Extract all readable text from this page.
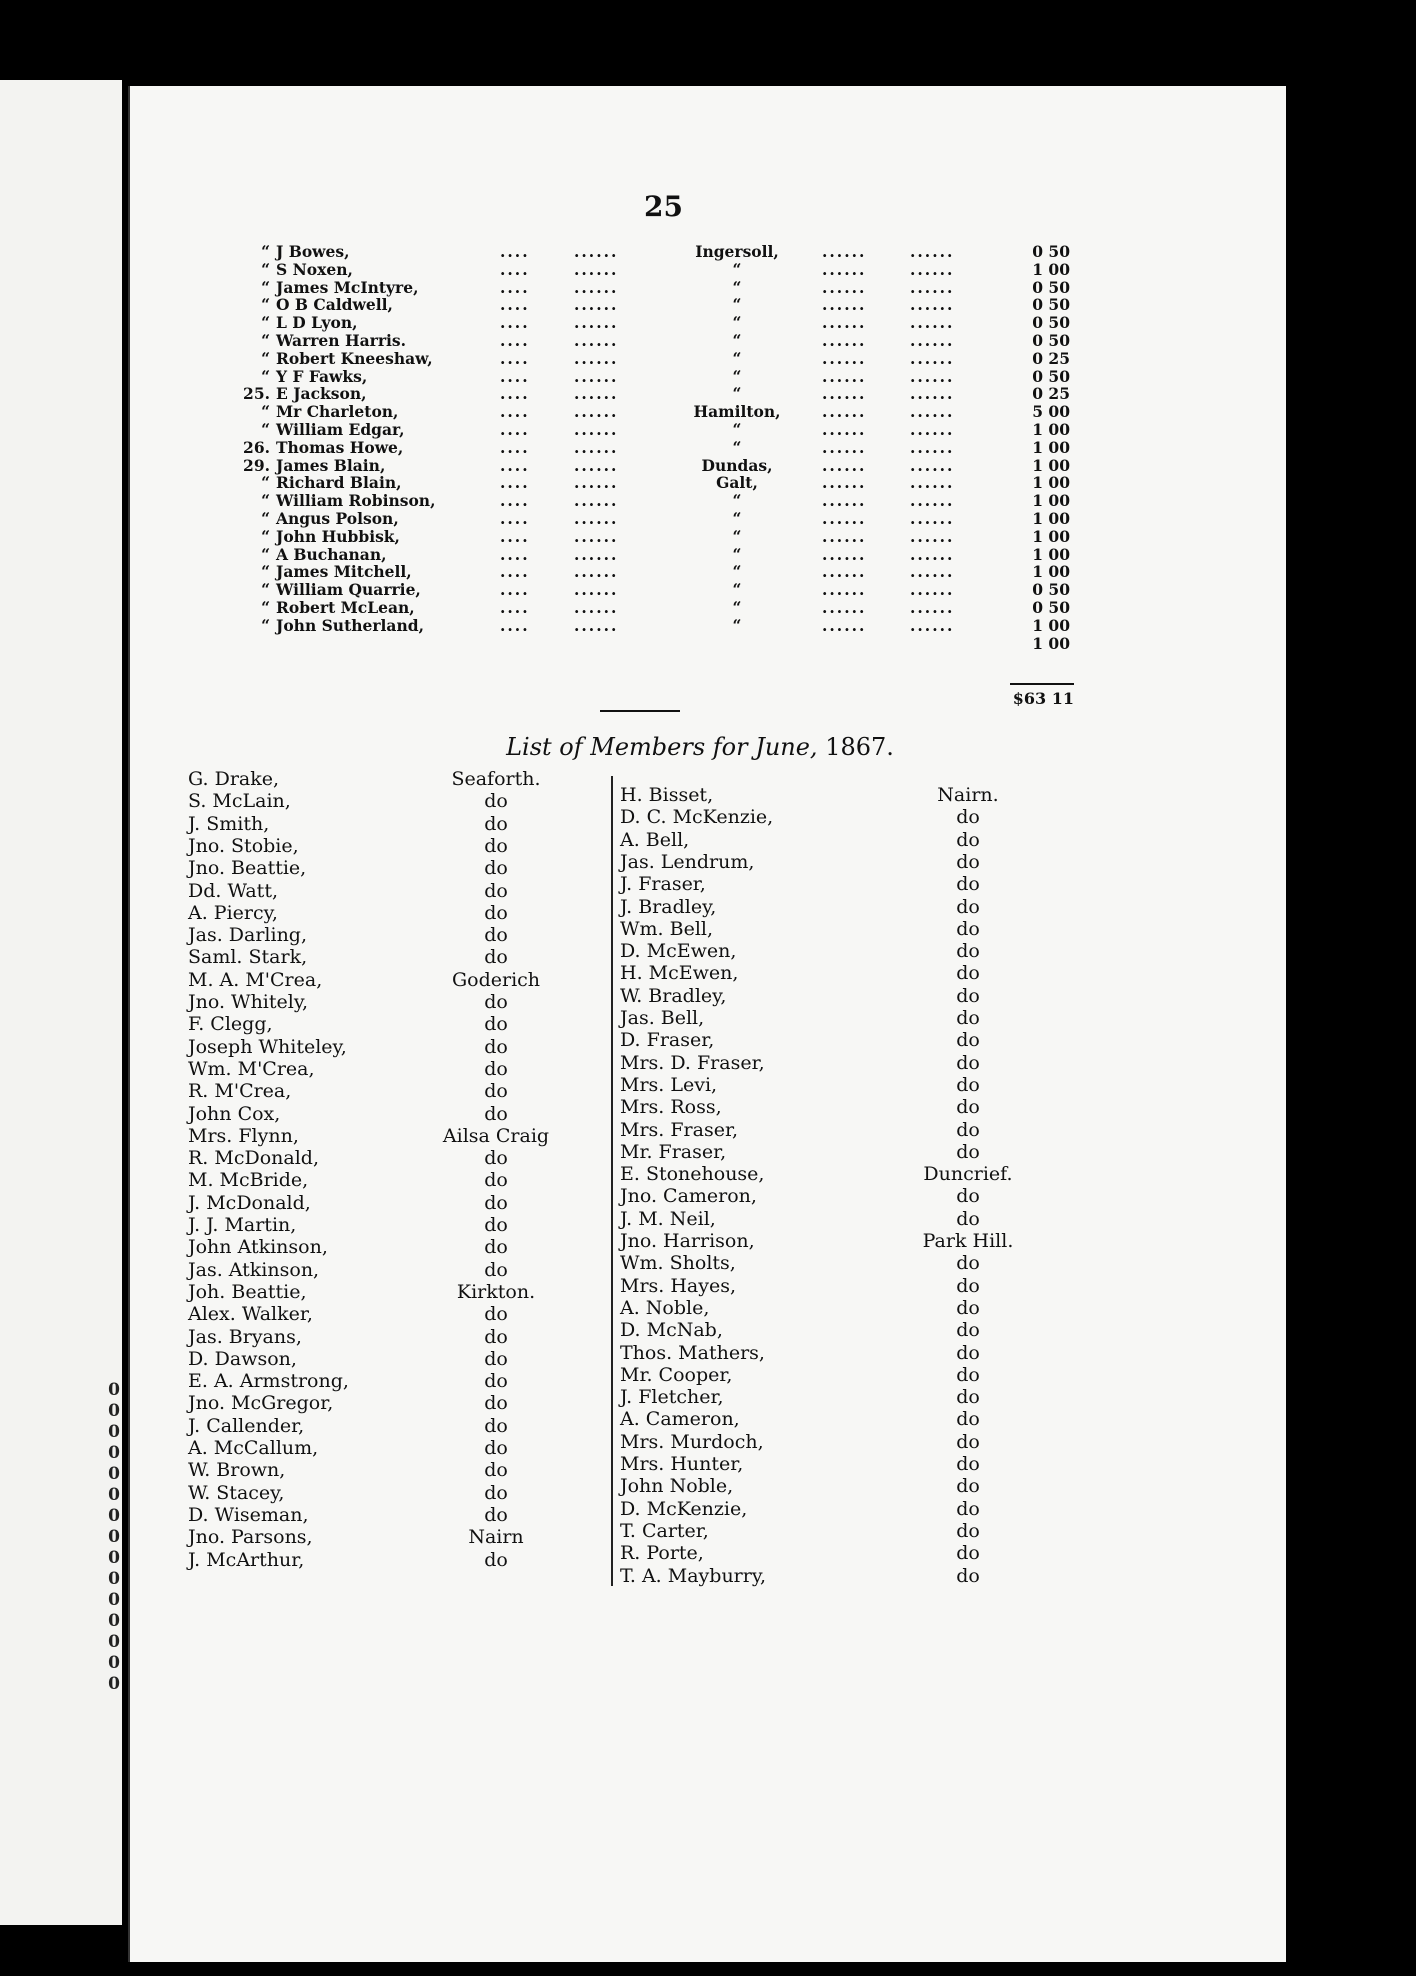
0
0
0
0
0
0
0
0
0
0
0
0
0
0
0
25
“ J Bowes,	....	......	Ingersoll,	......	......	0 50
“ S Noxen,	....	......	“	......	......	1 00
“ James McIntyre,	....	......	“	......	......	0 50
“ O B Caldwell,	....	......	“	......	......	0 50
“ L D Lyon,	....	......	“	......	......	0 50
“ Warren Harris.	....	......	“	......	......	0 50
“ Robert Kneeshaw,	....	......	“	......	......	0 25
“ Y F Fawks,	....	......	“	......	......	0 50
25. E Jackson,	....	......	“	......	......	0 25
“ Mr Charleton,	....	......	Hamilton,	......	......	5 00
“ William Edgar,	....	......	“	......	......	1 00
26. Thomas Howe,	....	......	“	......	......	1 00
29. James Blain,	....	......	Dundas,	......	......	1 00
“ Richard Blain,	....	......	Galt,	......	......	1 00
“ William Robinson,	....	......	“	......	......	1 00
“ Angus Polson,	....	......	“	......	......	1 00
“ John Hubbisk,	....	......	“	......	......	1 00
“ A Buchanan,	....	......	“	......	......	1 00
“ James Mitchell,	....	......	“	......	......	1 00
“ William Quarrie,	....	......	“	......	......	0 50
“ Robert McLean,	....	......	“	......	......	0 50
“ John Sutherland,	....	......	“	......	......	1 00
1 00
$63 11
List of Members for June, 1867.
G. Drake,	Seaforth.
S. McLain,	do
J. Smith,	do
Jno. Stobie,	do
Jno. Beattie,	do
Dd. Watt,	do
A. Piercy,	do
Jas. Darling,	do
Saml. Stark,	do
M. A. M'Crea,	Goderich
Jno. Whitely,	do
F. Clegg,	do
Joseph Whiteley,	do
Wm. M'Crea,	do
R. M'Crea,	do
John Cox,	do
Mrs. Flynn,	Ailsa Craig
R. McDonald,	do
M. McBride,	do
J. McDonald,	do
J. J. Martin,	do
John Atkinson,	do
Jas. Atkinson,	do
Joh. Beattie,	Kirkton.
Alex. Walker,	do
Jas. Bryans,	do
D. Dawson,	do
E. A. Armstrong,	do
Jno. McGregor,	do
J. Callender,	do
A. McCallum,	do
W. Brown,	do
W. Stacey,	do
D. Wiseman,	do
Jno. Parsons,	Nairn
J. McArthur,	do
H. Bisset,	Nairn.
D. C. McKenzie,	do
A. Bell,	do
Jas. Lendrum,	do
J. Fraser,	do
J. Bradley,	do
Wm. Bell,	do
D. McEwen,	do
H. McEwen,	do
W. Bradley,	do
Jas. Bell,	do
D. Fraser,	do
Mrs. D. Fraser,	do
Mrs. Levi,	do
Mrs. Ross,	do
Mrs. Fraser,	do
Mr. Fraser,	do
E. Stonehouse,	Duncrief.
Jno. Cameron,	do
J. M. Neil,	do
Jno. Harrison,	Park Hill.
Wm. Sholts,	do
Mrs. Hayes,	do
A. Noble,	do
D. McNab,	do
Thos. Mathers,	do
Mr. Cooper,	do
J. Fletcher,	do
A. Cameron,	do
Mrs. Murdoch,	do
Mrs. Hunter,	do
John Noble,	do
D. McKenzie,	do
T. Carter,	do
R. Porte,	do
T. A. Mayburry,	do
